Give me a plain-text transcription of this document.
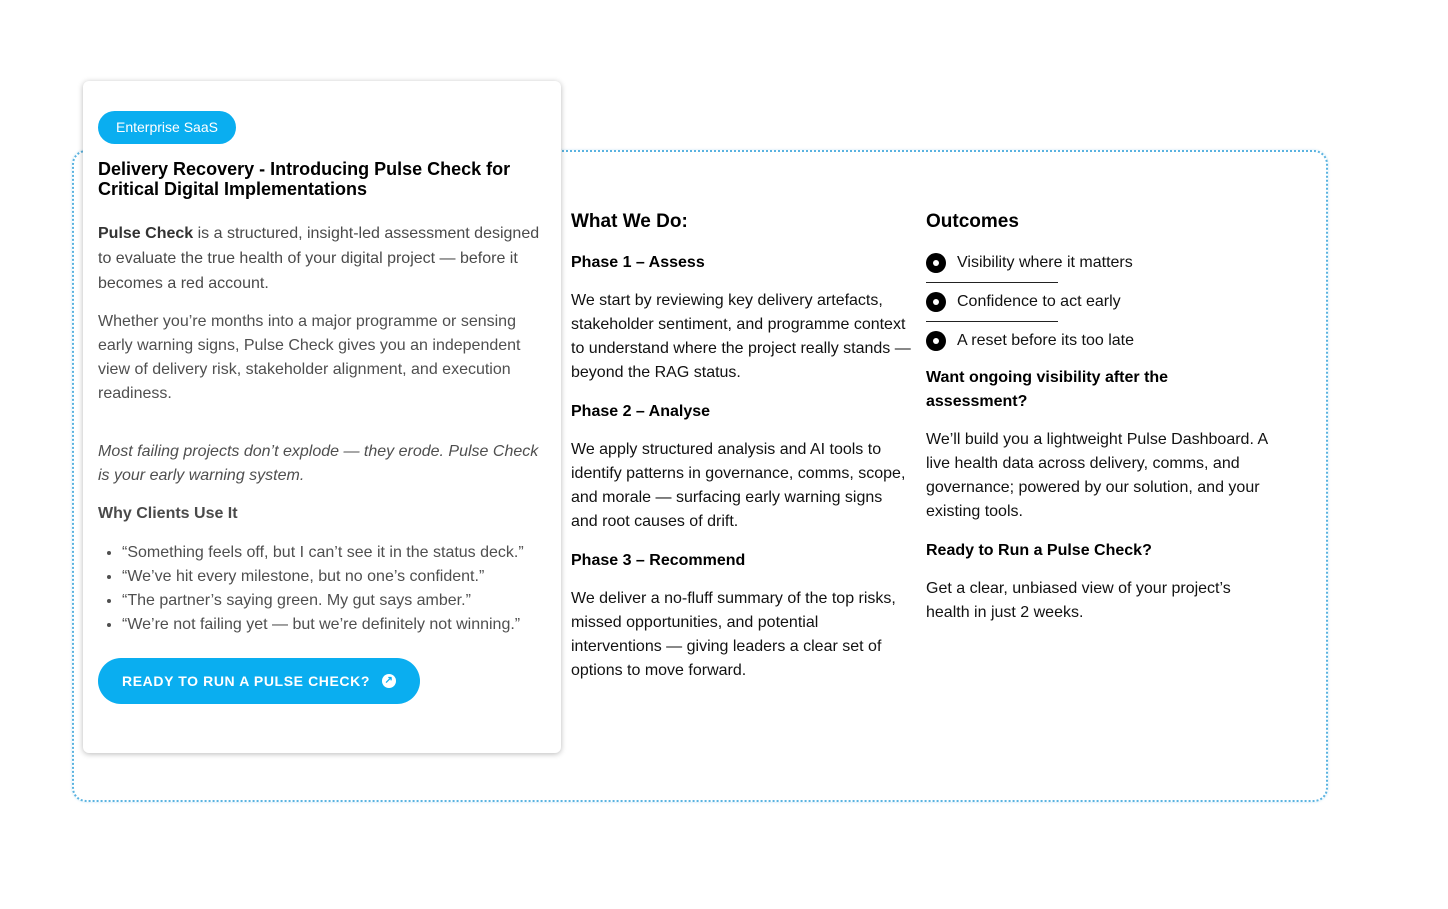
Enterprise SaaS
Delivery Recovery - Introducing Pulse Check for Critical Digital Implementations

Pulse Check is a structured, insight-led assessment designed to evaluate the true health of your digital project — before it becomes a red account.

Whether you’re months into a major programme or sensing early warning signs, Pulse Check gives you an independent view of delivery risk, stakeholder alignment, and execution readiness.

Most failing projects don’t explode — they erode. Pulse Check is your early warning system.

Why Clients Use It

• “Something feels off, but I can’t see it in the status deck.”
• “We’ve hit every milestone, but no one’s confident.”
• “The partner’s saying green. My gut says amber.”
• “We’re not failing yet — but we’re definitely not winning.”
READY TO RUN A PULSE CHECK? ↗
What We Do:
Phase 1 – Assess

We start by reviewing key delivery artefacts, stakeholder sentiment, and programme context to understand where the project really stands — beyond the RAG status.

Phase 2 – Analyse

We apply structured analysis and AI tools to identify patterns in governance, comms, scope, and morale — surfacing early warning signs and root causes of drift.

Phase 3 – Recommend

We deliver a no-fluff summary of the top risks, missed opportunities, and potential interventions — giving leaders a clear set of options to move forward.

Outcomes
Visibility where it matters
Confidence to act early
A reset before its too late
Want ongoing visibility after the assessment?

We’ll build you a lightweight Pulse Dashboard. A live health data across delivery, comms, and governance; powered by our solution, and your existing tools.

Ready to Run a Pulse Check?

Get a clear, unbiased view of your project’s health in just 2 weeks.
